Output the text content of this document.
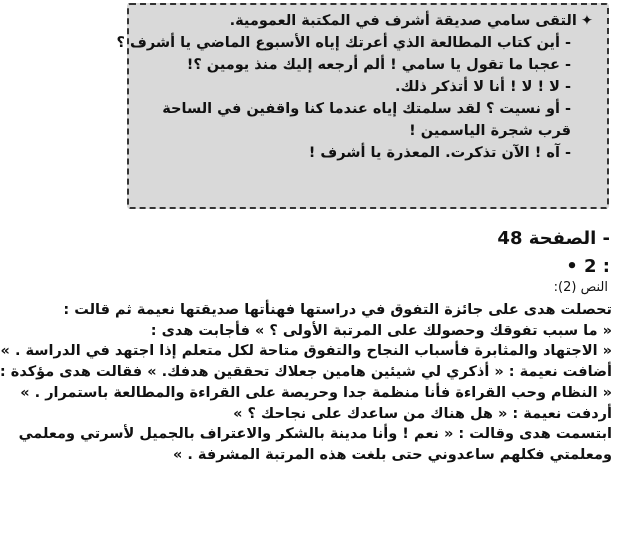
✦التقى سامي صديقة أشرف في المكتبة العمومية.
- أين كتاب المطالعة الذي أعرتك إياه الأسبوع الماضي يا أشرف ؟
- عجبا ما تقول يا سامي ! ألم أرجعه إليك منذ يومين ؟!
- لا ! لا ! أنا لا أتذكر ذلك.
- أو نسيت ؟ لقد سلمتك إياه عندما كنا واقفين في الساحة قرب شجرة الياسمين !
- آه ! الآن تذكرت. المعذرة يا أشرف !
- الصفحة 48
: 2 •
النص (2):
تحصلت هدى على جائزة التفوق في دراستها فهنأتها صديقتها نعيمة ثم قالت :
« ما سبب تفوقك وحصولك على المرتبة الأولى ؟ » فأجابت هدى :
« الاجتهاد والمثابرة فأسباب النجاح والتفوق متاحة لكل متعلم إذا اجتهد في الدراسة . »
أضافت نعيمة : « أذكري لي شيئين هامين جعلاك تحققين هدفك. » فقالت هدى مؤكدة :
« النظام وحب القراءة فأنا منظمة جدا وحريصة على القراءة والمطالعة باستمرار . »
أردفت نعيمة : « هل هناك من ساعدك على نجاحك ؟ »
ابتسمت هدى وقالت : « نعم ! وأنا مدينة بالشكر والاعتراف بالجميل لأسرتي ومعلمي
ومعلمتي فكلهم ساعدوني حتى بلغت هذه المرتبة المشرفة . »
